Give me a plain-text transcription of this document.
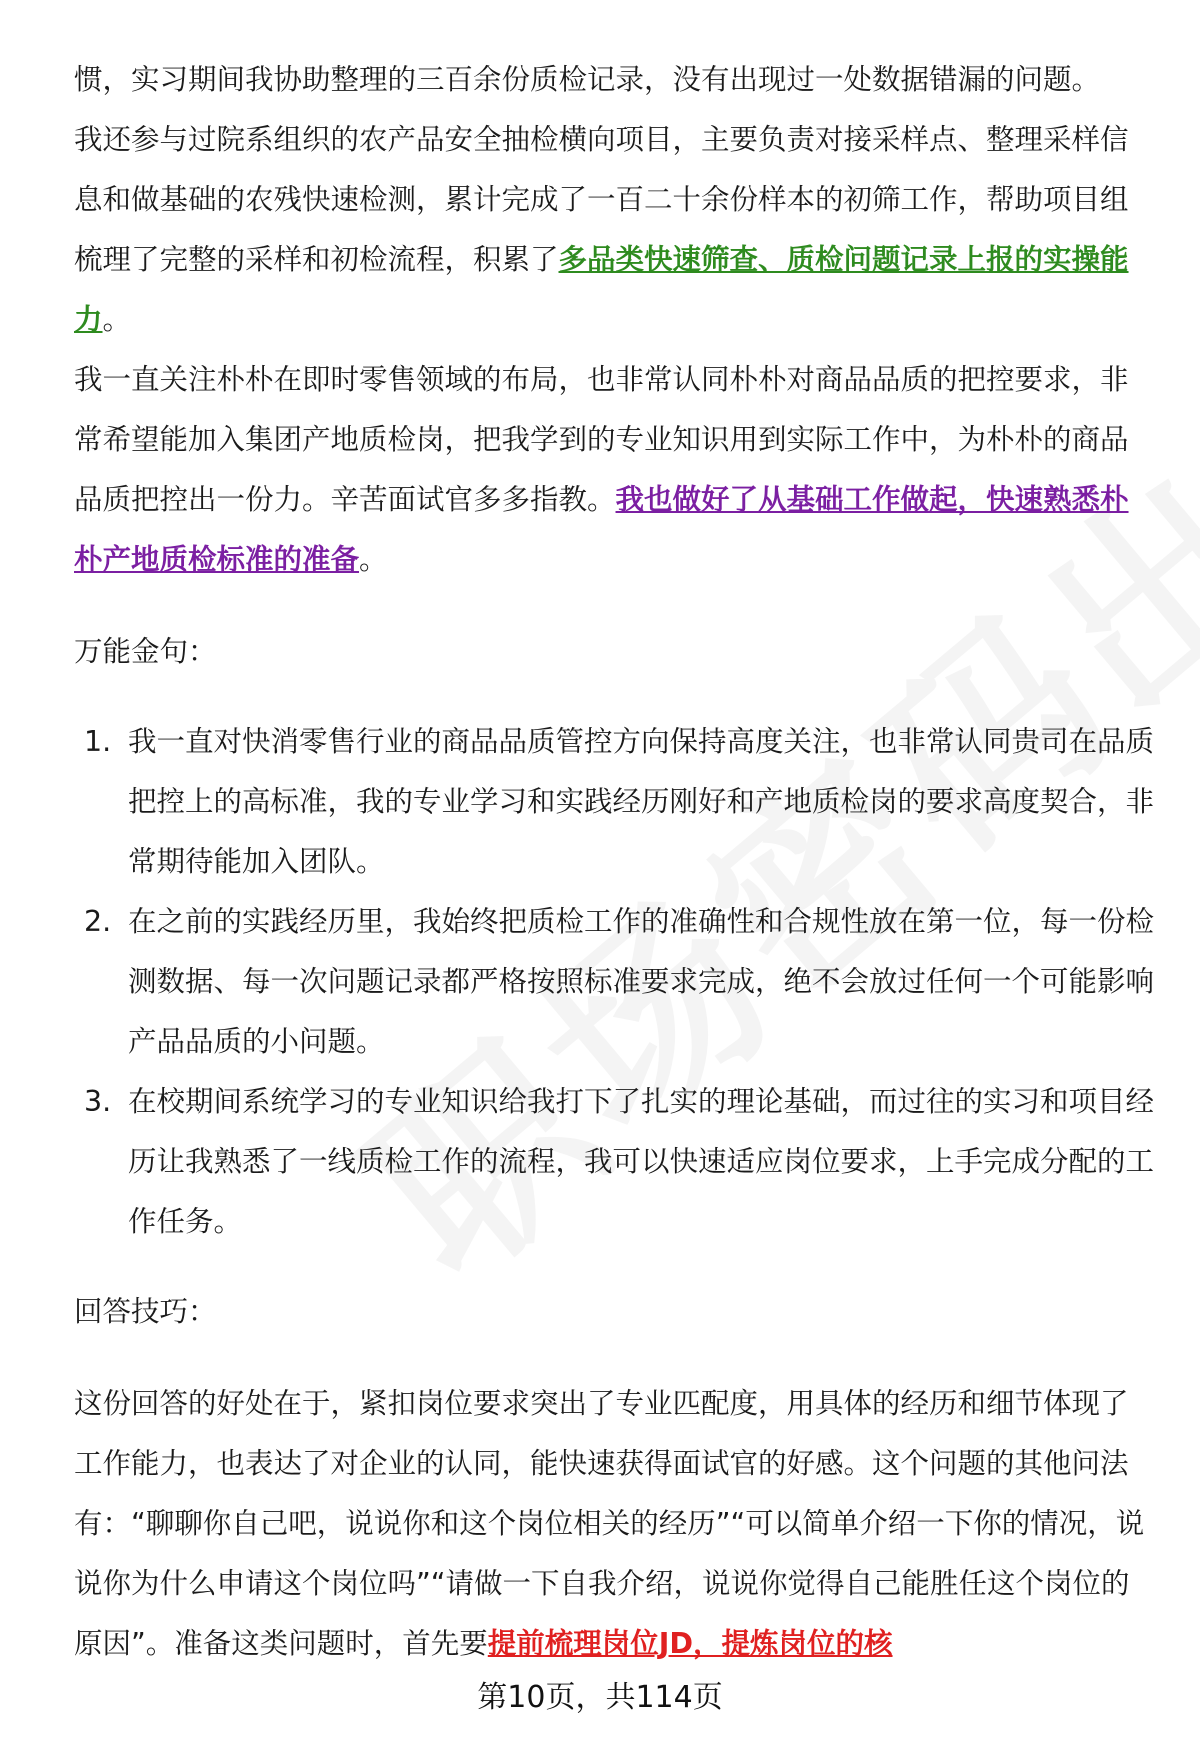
惯，实习期间我协助整理的三百余份质检记录，没有出现过一处数据错漏的问题。

我还参与过院系组织的农产品安全抽检横向项目，主要负责对接采样点、整理采样信息和做基础的农残快速检测，累计完成了一百二十余份样本的初筛工作，帮助项目组梳理了完整的采样和初检流程，积累了多品类快速筛查、质检问题记录上报的实操能力。

我一直关注朴朴在即时零售领域的布局，也非常认同朴朴对商品品质的把控要求，非常希望能加入集团产地质检岗，把我学到的专业知识用到实际工作中，为朴朴的商品品质把控出一份力。辛苦面试官多多指教。我也做好了从基础工作做起，快速熟悉朴朴产地质检标准的准备。

万能金句：

1. 我一直对快消零售行业的商品品质管控方向保持高度关注，也非常认同贵司在品质把控上的高标准，我的专业学习和实践经历刚好和产地质检岗的要求高度契合，非常期待能加入团队。
2. 在之前的实践经历里，我始终把质检工作的准确性和合规性放在第一位，每一份检测数据、每一次问题记录都严格按照标准要求完成，绝不会放过任何一个可能影响产品品质的小问题。
3. 在校期间系统学习的专业知识给我打下了扎实的理论基础，而过往的实习和项目经历让我熟悉了一线质检工作的流程，我可以快速适应岗位要求，上手完成分配的工作任务。

回答技巧：

这份回答的好处在于，紧扣岗位要求突出了专业匹配度，用具体的经历和细节体现了工作能力，也表达了对企业的认同，能快速获得面试官的好感。这个问题的其他问法有：“聊聊你自己吧，说说你和这个岗位相关的经历”“可以简单介绍一下你的情况，说说你为什么申请这个岗位吗”“请做一下自我介绍，说说你觉得自己能胜任这个岗位的原因”。准备这类问题时，首先要提前梳理岗位JD，提炼岗位的核

第10页，共114页
